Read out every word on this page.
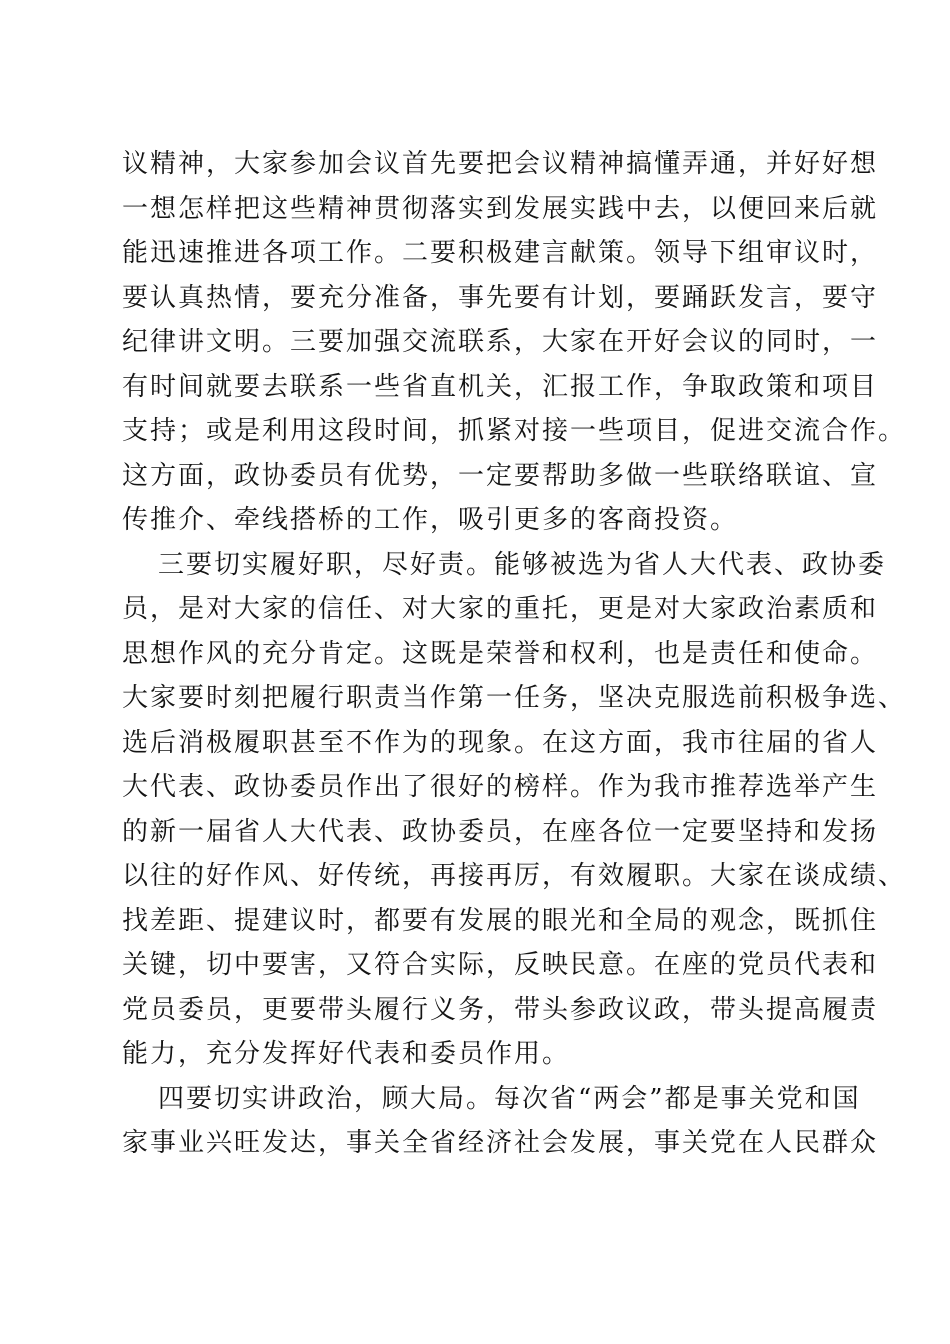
议精神，大家参加会议首先要把会议精神搞懂弄通，并好好想
一想怎样把这些精神贯彻落实到发展实践中去，以便回来后就
能迅速推进各项工作。二要积极建言献策。领导下组审议时，
要认真热情，要充分准备，事先要有计划，要踊跃发言，要守
纪律讲文明。三要加强交流联系，大家在开好会议的同时，一
有时间就要去联系一些省直机关，汇报工作，争取政策和项目
支持；或是利用这段时间，抓紧对接一些项目，促进交流合作。
这方面，政协委员有优势，一定要帮助多做一些联络联谊、宣
传推介、牵线搭桥的工作，吸引更多的客商投资。
三要切实履好职，尽好责。能够被选为省人大代表、政协委
员，是对大家的信任、对大家的重托，更是对大家政治素质和
思想作风的充分肯定。这既是荣誉和权利，也是责任和使命。
大家要时刻把履行职责当作第一任务，坚决克服选前积极争选、
选后消极履职甚至不作为的现象。在这方面，我市往届的省人
大代表、政协委员作出了很好的榜样。作为我市推荐选举产生
的新一届省人大代表、政协委员，在座各位一定要坚持和发扬
以往的好作风、好传统，再接再厉，有效履职。大家在谈成绩、
找差距、提建议时，都要有发展的眼光和全局的观念，既抓住
关键，切中要害，又符合实际，反映民意。在座的党员代表和
党员委员，更要带头履行义务，带头参政议政，带头提高履责
能力，充分发挥好代表和委员作用。
四要切实讲政治，顾大局。每次省“两会”都是事关党和国
家事业兴旺发达，事关全省经济社会发展，事关党在人民群众
